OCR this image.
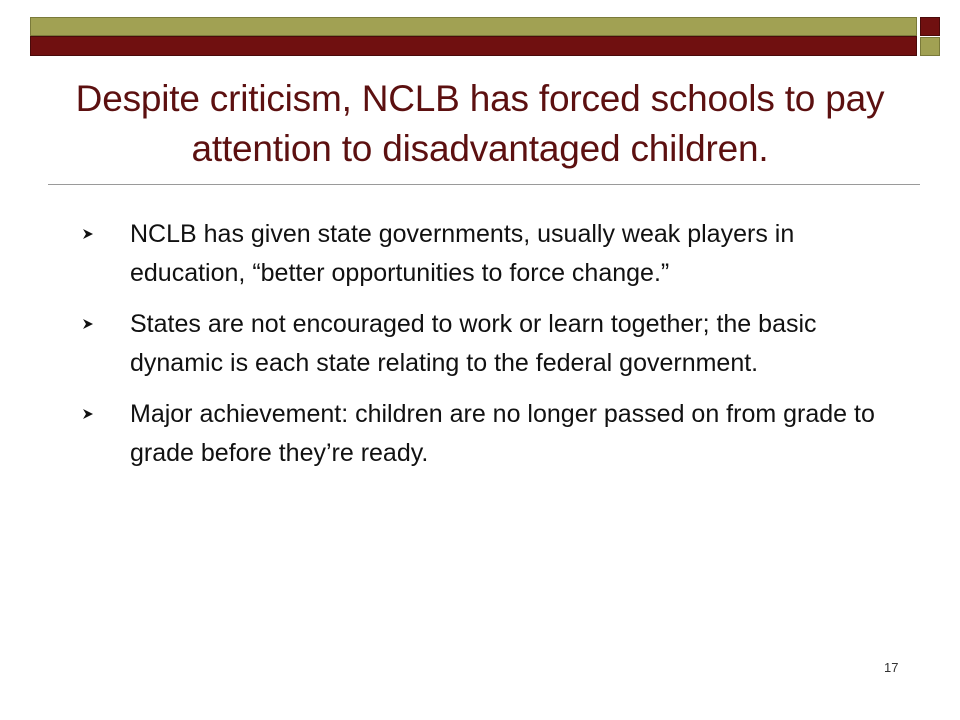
Despite criticism, NCLB has forced schools to pay attention to disadvantaged children.
NCLB has given state governments, usually weak players in education, “better opportunities to force change.”
States are not encouraged to work or learn together; the basic dynamic is each state relating to the federal government.
Major achievement: children are no longer passed on from grade to grade before they’re ready.
17
